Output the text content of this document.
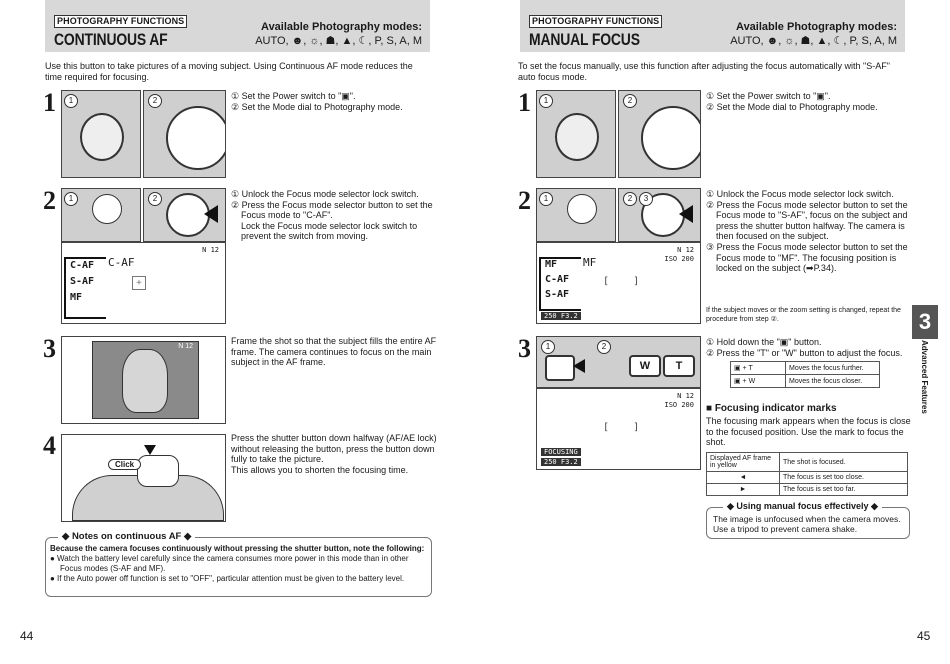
PHOTOGRAPHY FUNCTIONS
CONTINUOUS AF
Available Photography modes:
AUTO, ☻, ☼, ☗, ▲, ☾, P, S, A, M
Use this button to take pictures of a moving subject. Using Continuous AF mode reduces the time required for focusing.
1	1	2	① Set the Power switch to "▣".
② Set the Mode dial to Photography mode.
2	1	2
N 12
C-AF
+
C-AF
S-AF
MF
① Unlock the Focus mode selector lock switch.
② Press the Focus mode selector button to set the
Focus mode to "C-AF".
Lock the Focus mode selector lock switch to
prevent the switch from moving.
3	N 12
Frame the shot so that the subject fills the entire AF
frame. The camera continues to focus on the main
subject in the AF frame.
4
Click
Press the shutter button down halfway (AF/AE lock)
without releasing the button, press the button down
fully to take the picture.
This allows you to shorten the focusing time.
◆ Notes on continuous AF ◆
Because the camera focuses continuously without pressing the shutter button, note the following:
● Watch the battery level carefully since the camera consumes more power in this mode than in other
Focus modes (S-AF and MF).
● If the Auto power off function is set to "OFF", particular attention must be given to the battery level.
44
PHOTOGRAPHY FUNCTIONS
MANUAL FOCUS
Available Photography modes:
AUTO, ☻, ☼, ☗, ▲, ☾, P, S, A, M
To set the focus manually, use this function after adjusting the focus automatically with "S-AF" auto focus mode.
1	1	2	① Set the Power switch to "▣".
② Set the Mode dial to Photography mode.
2	1	2	3
N 12
ISO 200
MF
[    ]
MF
C-AF
S-AF
250 F3.2
① Unlock the Focus mode selector lock switch.
② Press the Focus mode selector button to set the
Focus mode to "S-AF", focus on the subject and
press the shutter button halfway. The camera is
then focused on the subject.
③ Press the Focus mode selector button to set the
Focus mode to "MF". The focusing position is
locked on the subject (➡P.34).
If the subject moves or the zoom setting is changed, repeat the procedure from step ②.
3	1	2
W	T
N 12
ISO 200
[    ]
FOCUSING
250 F3.2
① Hold down the "▣" button.
② Press the "T" or "W" button to adjust the focus.
▣ + T	Moves the focus further.
▣ + W	Moves the focus closer.
■ Focusing indicator marks
The focusing mark appears when the focus is close
to the focused position. Use the mark to focus the
shot.
Displayed AF frame in yellow	The shot is focused.
◄	The focus is set too close.
►	The focus is set too far.
◆ Using manual focus effectively ◆
The image is unfocused when the camera moves.
Use a tripod to prevent camera shake.
45
3
Advanced Features
